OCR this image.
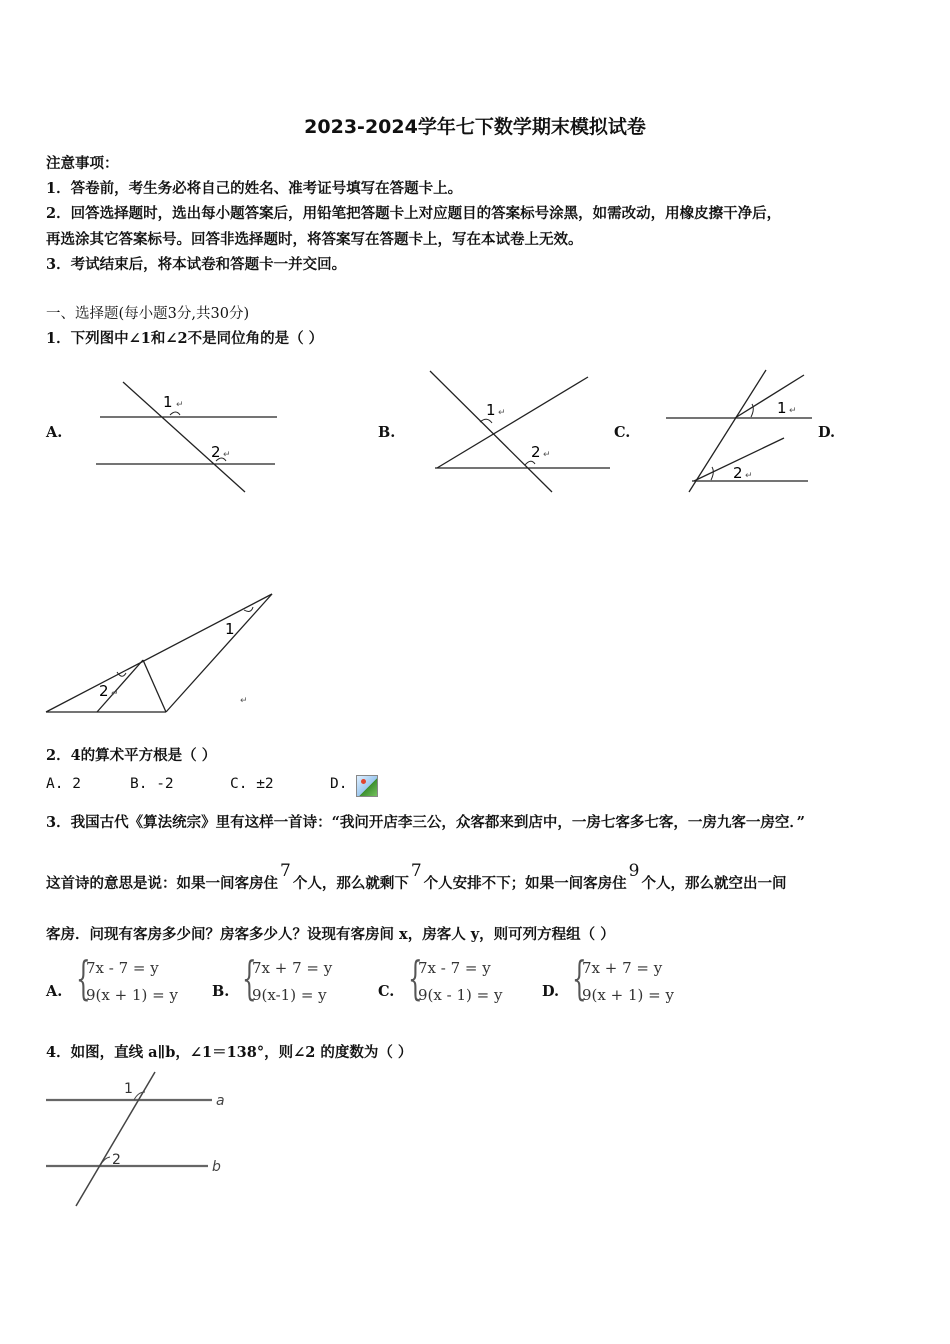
2023-2024学年七下数学期末模拟试卷
注意事项：
1．答卷前，考生务必将自己的姓名、准考证号填写在答题卡上。
2．回答选择题时，选出每小题答案后，用铅笔把答题卡上对应题目的答案标号涂黑，如需改动，用橡皮擦干净后，
再选涂其它答案标号。回答非选择题时，将答案写在答题卡上，写在本试卷上无效。
3．考试结束后，将本试卷和答题卡一并交回。
一、选择题(每小题3分,共30分)
1．下列图中∠1和∠2不是同位角的是（ ）
A.	B.	C.	D.
1 ↵
2 ↵
1 ↵
2 ↵
1 ↵
2 ↵
1
2 ↵
↵
2．4的算术平方根是（ ）
A. 2	B. -2	C. ±2	D.
3．我国古代《算法统宗》里有这样一首诗：“我问开店李三公，众客都来到店中，一房七客多七客，一房九客一房空．”
这首诗的意思是说：如果一间客房住7个人，那么就剩下7个人安排不下；如果一间客房住9个人，那么就空出一间
客房．问现有客房多少间？房客多少人？设现有客房间 x，房客人 y，则可列方程组（ ）
A. {
7x - 7 = y
9(x + 1) = y B. {
7x + 7 = y
9(x-1) = y	C. {
7x - 7 = y
9(x - 1) = y	D. {
7x + 7 = y
9(x + 1) = y
4．如图，直线 a∥b，∠1＝138°，则∠2 的度数为（ ）
1
2
a
b
